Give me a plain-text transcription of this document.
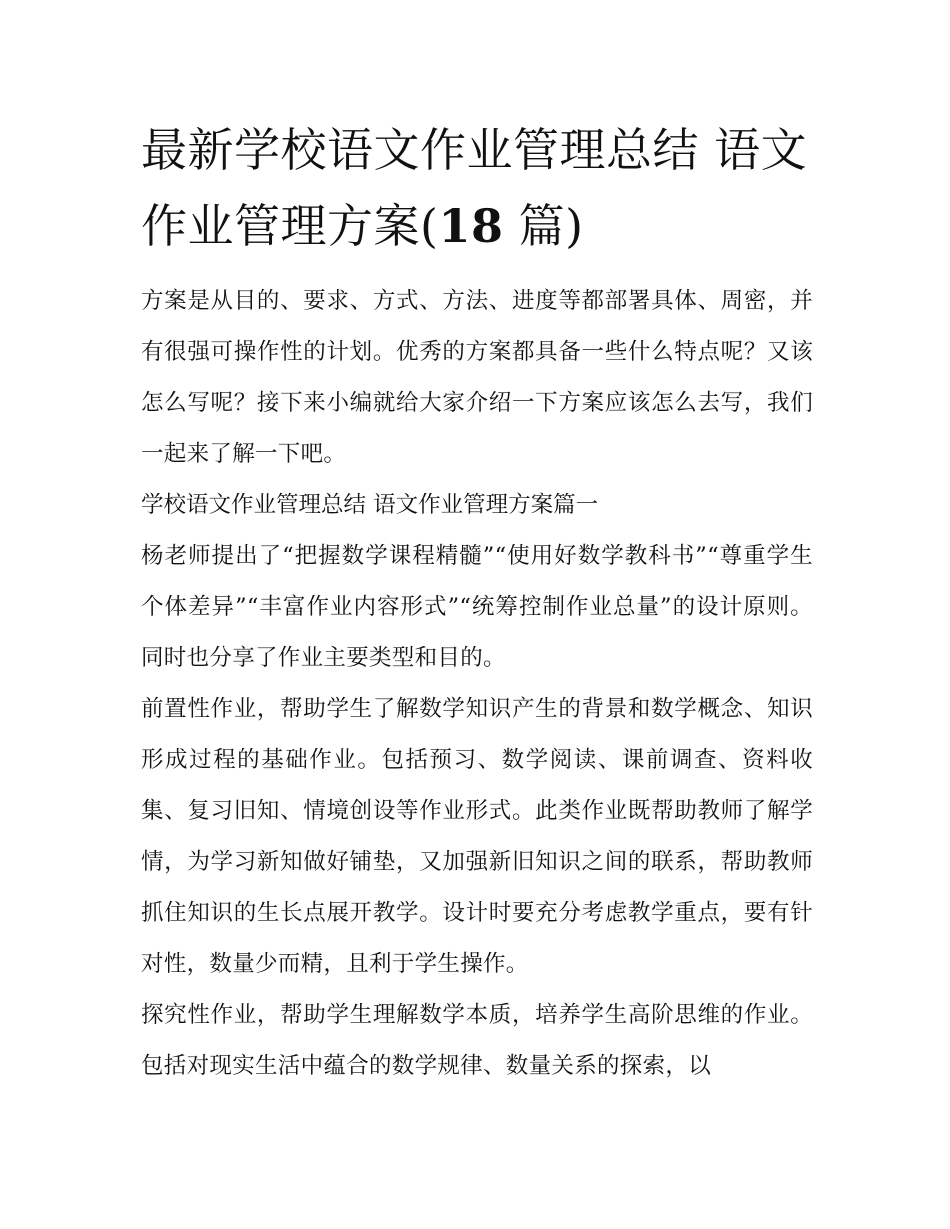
最新学校语文作业管理总结 语文作业管理方案(18 篇)

方案是从目的、要求、方式、方法、进度等都部署具体、周密，并有很强可操作性的计划。优秀的方案都具备一些什么特点呢？又该怎么写呢？接下来小编就给大家介绍一下方案应该怎么去写，我们一起来了解一下吧。

学校语文作业管理总结 语文作业管理方案篇一

杨老师提出了“把握数学课程精髓”“使用好数学教科书”“尊重学生个体差异”“丰富作业内容形式”“统筹控制作业总量”的设计原则。同时也分享了作业主要类型和目的。

前置性作业，帮助学生了解数学知识产生的背景和数学概念、知识形成过程的基础作业。包括预习、数学阅读、课前调查、资料收集、复习旧知、情境创设等作业形式。此类作业既帮助教师了解学情，为学习新知做好铺垫，又加强新旧知识之间的联系，帮助教师抓住知识的生长点展开教学。设计时要充分考虑教学重点，要有针对性，数量少而精，且利于学生操作。

探究性作业，帮助学生理解数学本质，培养学生高阶思维的作业。包括对现实生活中蕴合的数学规律、数量关系的探索，以
